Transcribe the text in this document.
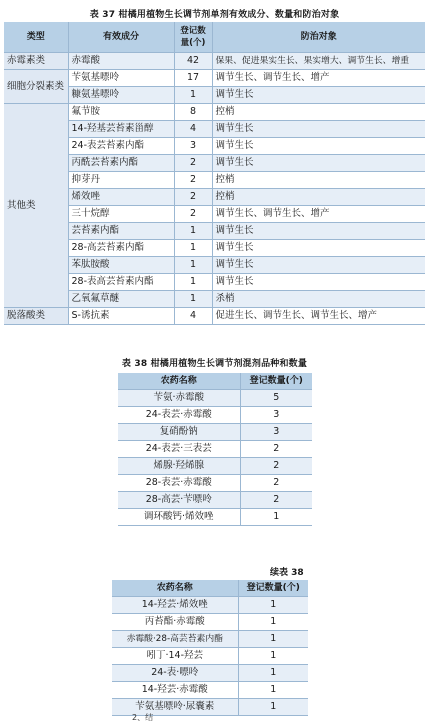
表 37 柑橘用植物生长调节剂单剂有效成分、数量和防治对象
类型	有效成分	登记数量(个)	防治对象
赤霉素类	赤霉酸	42	保果、促进果实生长、果实增大、调节生长、增重
细胞分裂素类	苄氨基嘌呤	17	调节生长、调节生长、增产
	糠氨基嘌呤	1	调节生长
其他类	氟节胺	8	控梢
	14-羟基芸苔素甾醇	4	调节生长
	24-表芸苔素内酯	3	调节生长
	丙酰芸苔素内酯	2	调节生长
	抑芽丹	2	控梢
	烯效唑	2	控梢
	三十烷醇	2	调节生长、调节生长、增产
	芸苔素内酯	1	调节生长
	28-高芸苔素内酯	1	调节生长
	苯肽胺酸	1	调节生长
	28-表高芸苔素内酯	1	调节生长
	乙氧氟草醚	1	杀梢
脱落酸类	S-诱抗素	4	促进生长、调节生长、调节生长、增产
表 38 柑橘用植物生长调节剂混剂品种和数量
农药名称	登记数量(个)
苄氨·赤霉酸	5
24-表芸·赤霉酸	3
复硝酚钠	3
24-表芸·三表芸	2
烯腺·羟烯腺	2
28-表芸·赤霉酸	2
28-高芸·苄嘌呤	2
调环酸钙·烯效唑	1
续表 38
农药名称	登记数量(个)
14-羟芸·烯效唑	1
丙苔酯·赤霉酸	1
赤霉酸·28-高芸苔素内酯	1
吲丁·14-羟芸	1
24-表·嘌呤	1
14-羟芸·赤霉酸	1
苄氨基嘌呤·尿囊素	1
2、结
